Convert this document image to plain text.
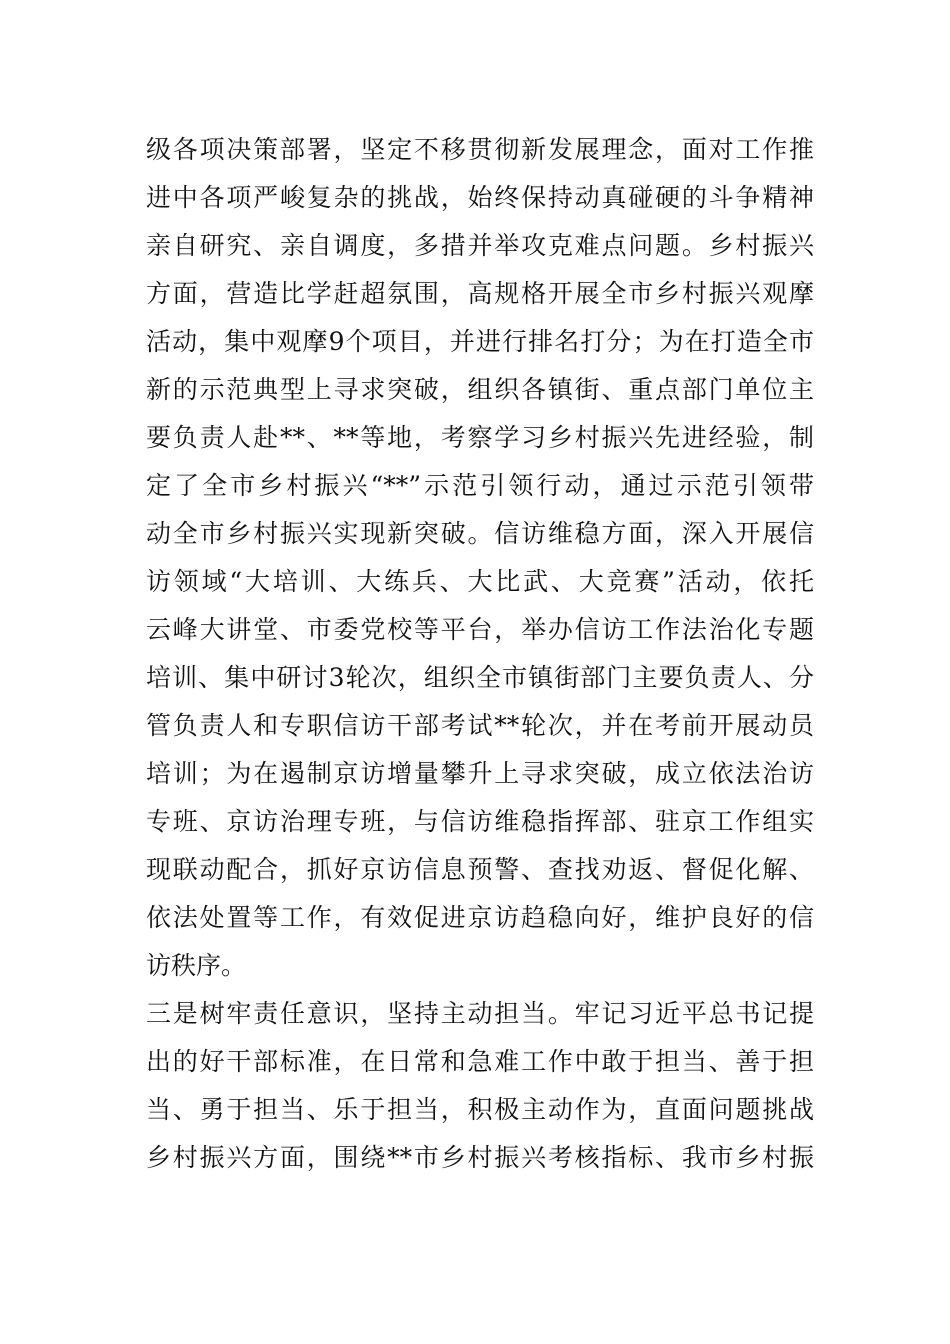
级各项决策部署，坚定不移贯彻新发展理念，面对工作推
进中各项严峻复杂的挑战，始终保持动真碰硬的斗争精神
亲自研究、亲自调度，多措并举攻克难点问题。乡村振兴
方面，营造比学赶超氛围，高规格开展全市乡村振兴观摩
活动，集中观摩9个项目，并进行排名打分；为在打造全市
新的示范典型上寻求突破，组织各镇街、重点部门单位主
要负责人赴**、**等地，考察学习乡村振兴先进经验，制
定了全市乡村振兴“**”示范引领行动，通过示范引领带
动全市乡村振兴实现新突破。信访维稳方面，深入开展信
访领域“大培训、大练兵、大比武、大竞赛”活动，依托
云峰大讲堂、市委党校等平台，举办信访工作法治化专题
培训、集中研讨3轮次，组织全市镇街部门主要负责人、分
管负责人和专职信访干部考试**轮次，并在考前开展动员
培训；为在遏制京访增量攀升上寻求突破，成立依法治访
专班、京访治理专班，与信访维稳指挥部、驻京工作组实
现联动配合，抓好京访信息预警、查找劝返、督促化解、
依法处置等工作，有效促进京访趋稳向好，维护良好的信
访秩序。
三是树牢责任意识，坚持主动担当。牢记习近平总书记提
出的好干部标准，在日常和急难工作中敢于担当、善于担
当、勇于担当、乐于担当，积极主动作为，直面问题挑战
乡村振兴方面，围绕**市乡村振兴考核指标、我市乡村振
